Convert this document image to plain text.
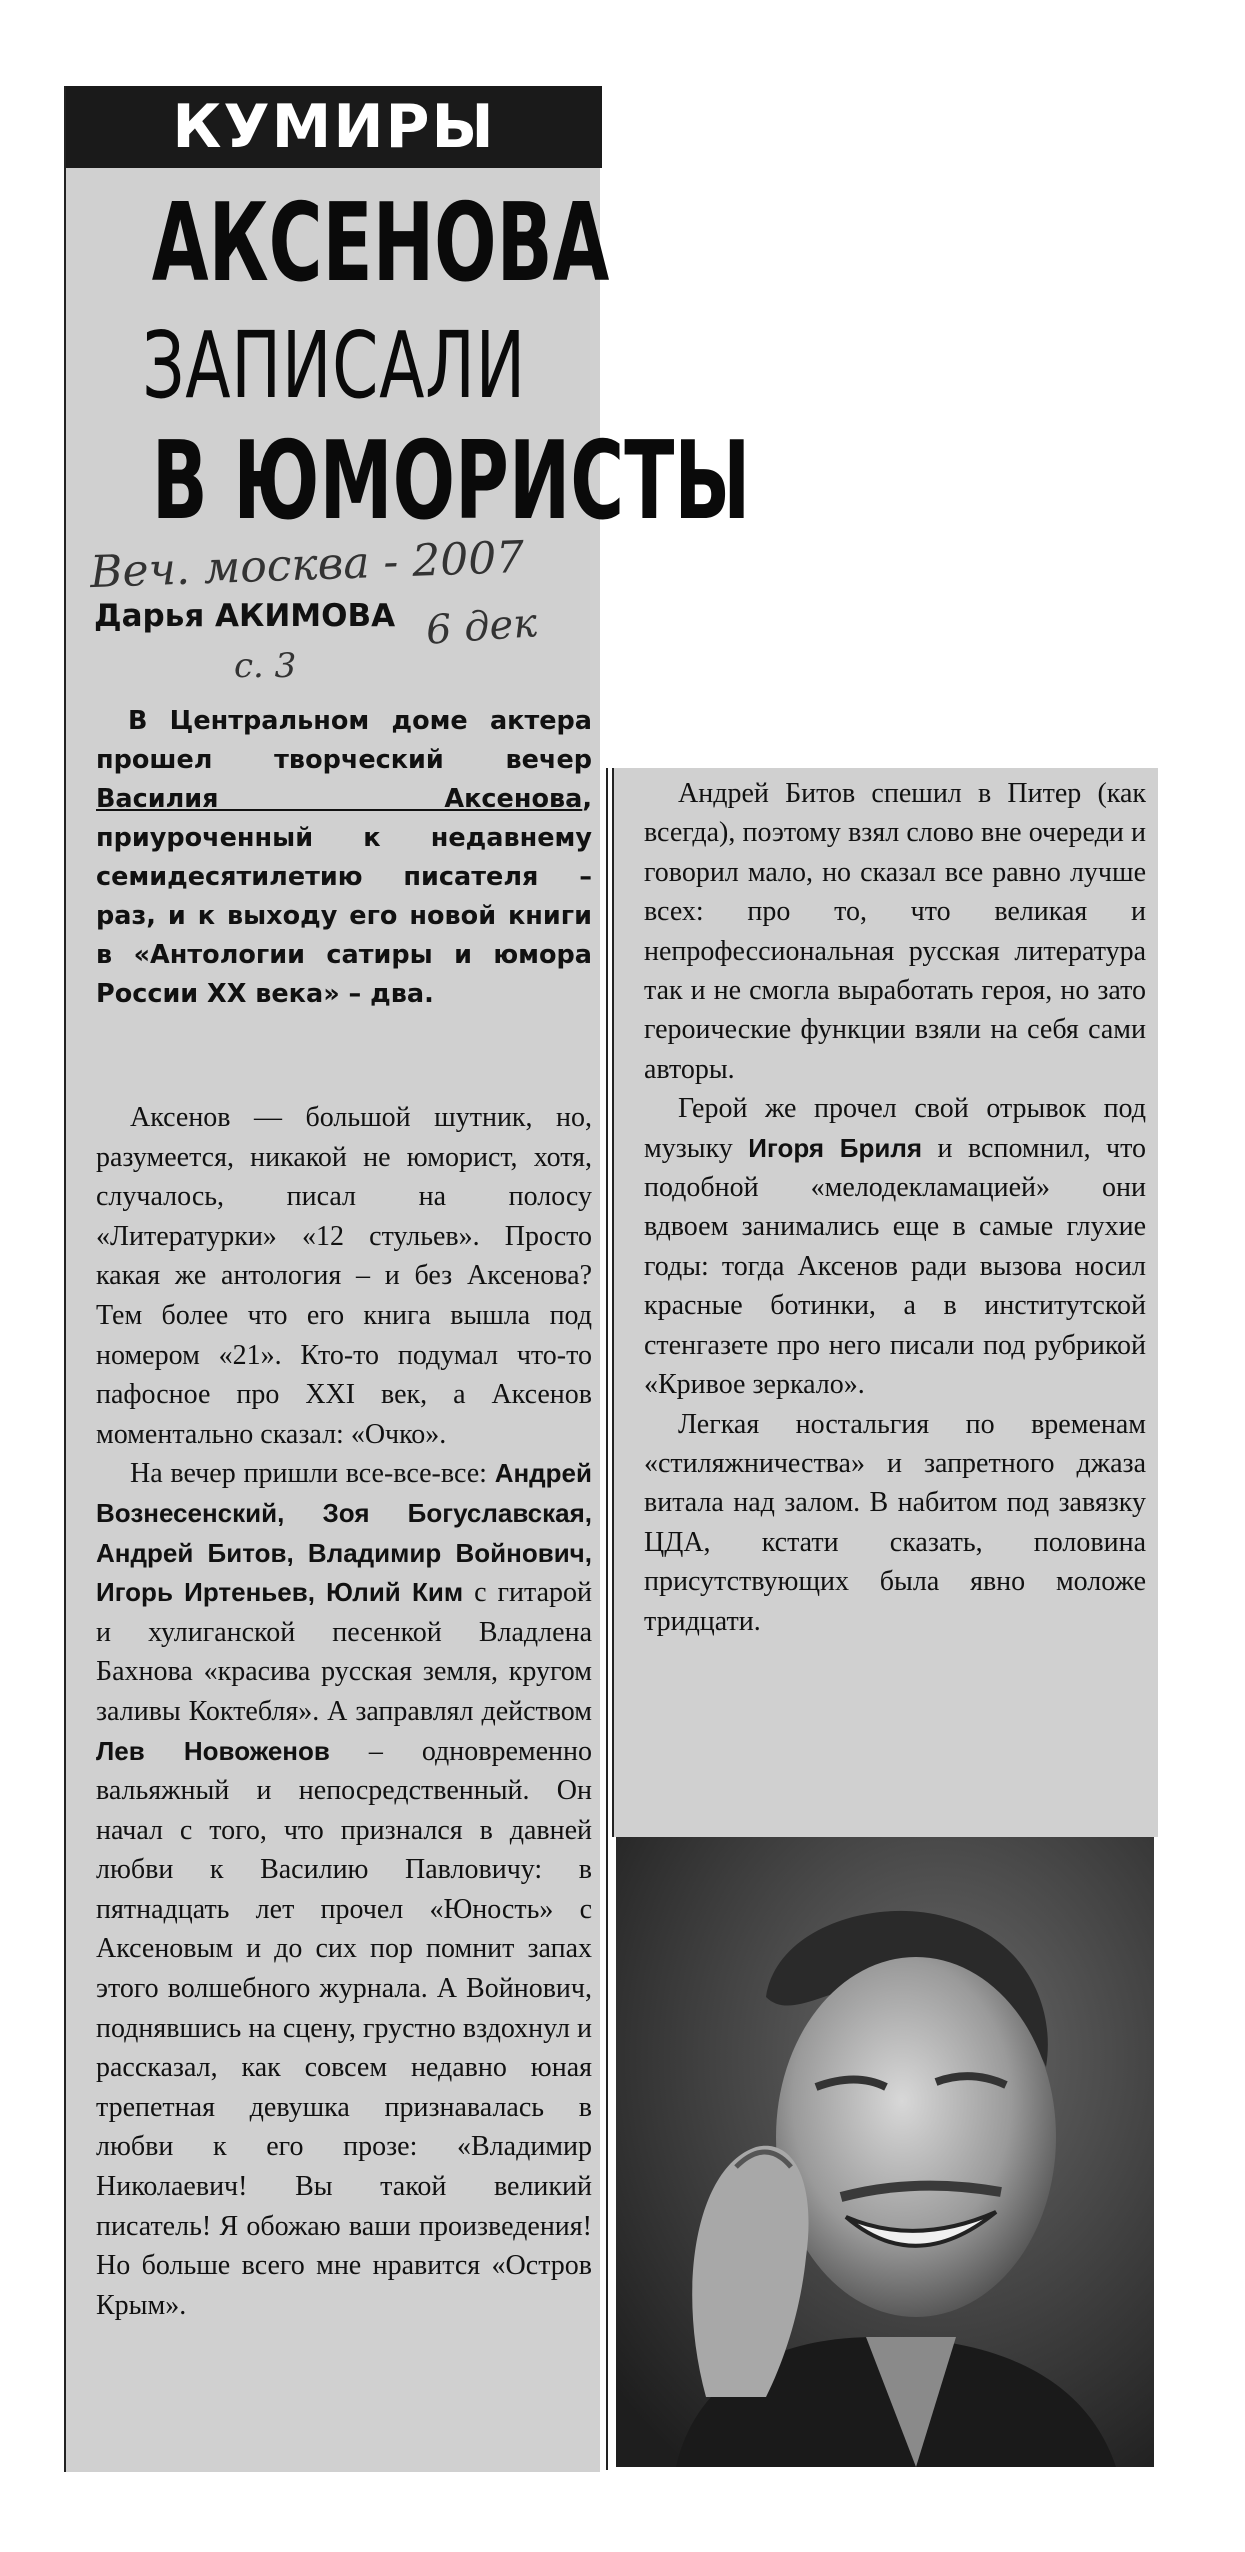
КУМИРЫ
АКСЕНОВА
ЗАПИСАЛИ
В ЮМОРИСТЫ
Веч. москва - 2007
Дарья АКИМОВА 6 дек
с. 3
В Центральном доме актера прошел творческий вечер Василия Аксенова, приуроченный к недавнему семидесятилетию писателя – раз, и к выходу его новой книги в «Антологии сатиры и юмора России XX века» – два.

Аксенов — большой шутник, но, разумеется, никакой не юморист, хотя, случалось, писал на полосу «Литературки» «12 стульев». Просто какая же антология – и без Аксенова? Тем более что его книга вышла под номером «21». Кто-то подумал что-то пафосное про XXI век, а Аксенов моментально сказал: «Очко».

На вечер пришли все-все-все: Андрей Вознесенский, Зоя Богуславская, Андрей Битов, Владимир Войнович, Игорь Иртеньев, Юлий Ким с гитарой и хулиганской песенкой Владлена Бахнова «красива русская земля, кругом заливы Коктебля». А заправлял действом Лев Новоженов – одновременно вальяжный и непосредственный. Он начал с того, что признался в давней любви к Василию Павловичу: в пятнадцать лет прочел «Юность» с Аксеновым и до сих пор помнит запах этого волшебного журнала. А Войнович, поднявшись на сцену, грустно вздохнул и рассказал, как совсем недавно юная трепетная девушка признавалась в любви к его прозе: «Владимир Николаевич! Вы такой великий писатель! Я обожаю ваши произведения! Но больше всего мне нравится «Остров Крым».

Андрей Битов спешил в Питер (как всегда), поэтому взял слово вне очереди и говорил мало, но сказал все равно лучше всех: про то, что великая и непрофессиональная русская литература так и не смогла выработать героя, но зато героические функции взяли на себя сами авторы.

Герой же прочел свой отрывок под музыку Игоря Бриля и вспомнил, что подобной «мелодекламацией» они вдвоем занимались еще в самые глухие годы: тогда Аксенов ради вызова носил красные ботинки, а в институтской стенгазете про него писали под рубрикой «Кривое зеркало».

Легкая ностальгия по временам «стиляжничества» и запретного джаза витала над залом. В набитом под завязку ЦДА, кстати сказать, половина присутствующих была явно моложе тридцати.
